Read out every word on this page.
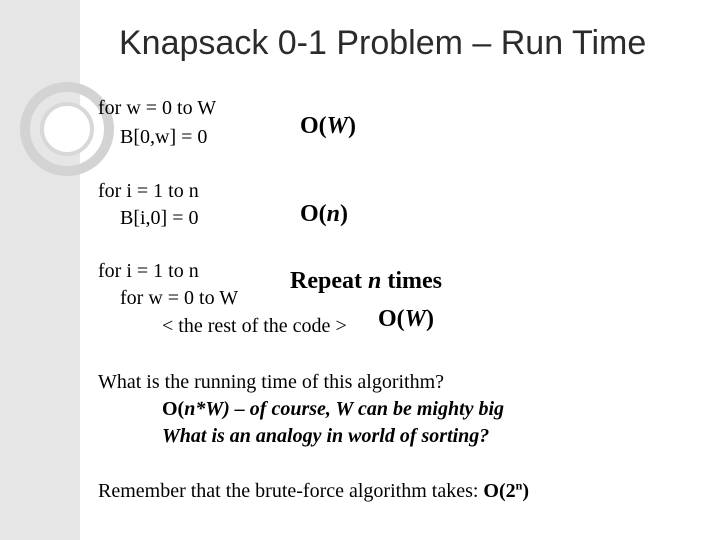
Knapsack 0-1 Problem – Run Time
for w = 0 to W
B[0,w] = 0	O(W)
for i = 1 to n
B[i,0] = 0	O(n)
for i = 1 to n
for w = 0 to W
< the rest of the code >
Repeat n times
O(W)
What is the running time of this algorithm?
O(n*W) – of course, W can be mighty big
What is an analogy in world of sorting?
Remember that the brute-force algorithm takes: O(2$^n$)
